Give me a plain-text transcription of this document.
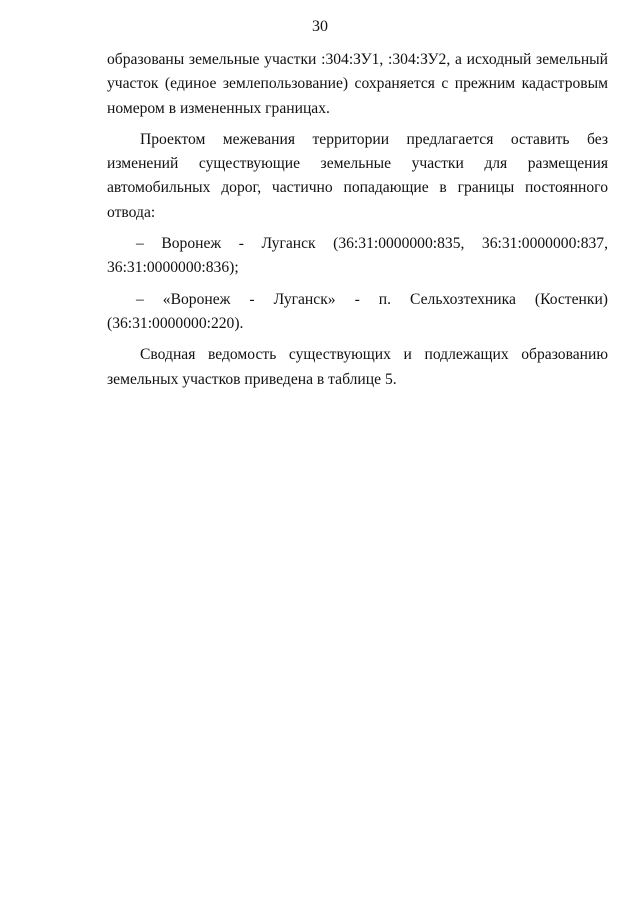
30

образованы земельные участки :304:ЗУ1, :304:ЗУ2, а исходный земельный участок (единое землепользование) сохраняется с прежним кадастровым номером в измененных границах.

Проектом межевания территории предлагается оставить без изменений существующие земельные участки для размещения автомобильных дорог, частично попадающие в границы постоянного отвода:

– Воронеж - Луганск (36:31:0000000:835, 36:31:0000000:837, 36:31:0000000:836);

– «Воронеж - Луганск» - п. Сельхозтехника (Костенки) (36:31:0000000:220).

Сводная ведомость существующих и подлежащих образованию земельных участков приведена в таблице 5.
